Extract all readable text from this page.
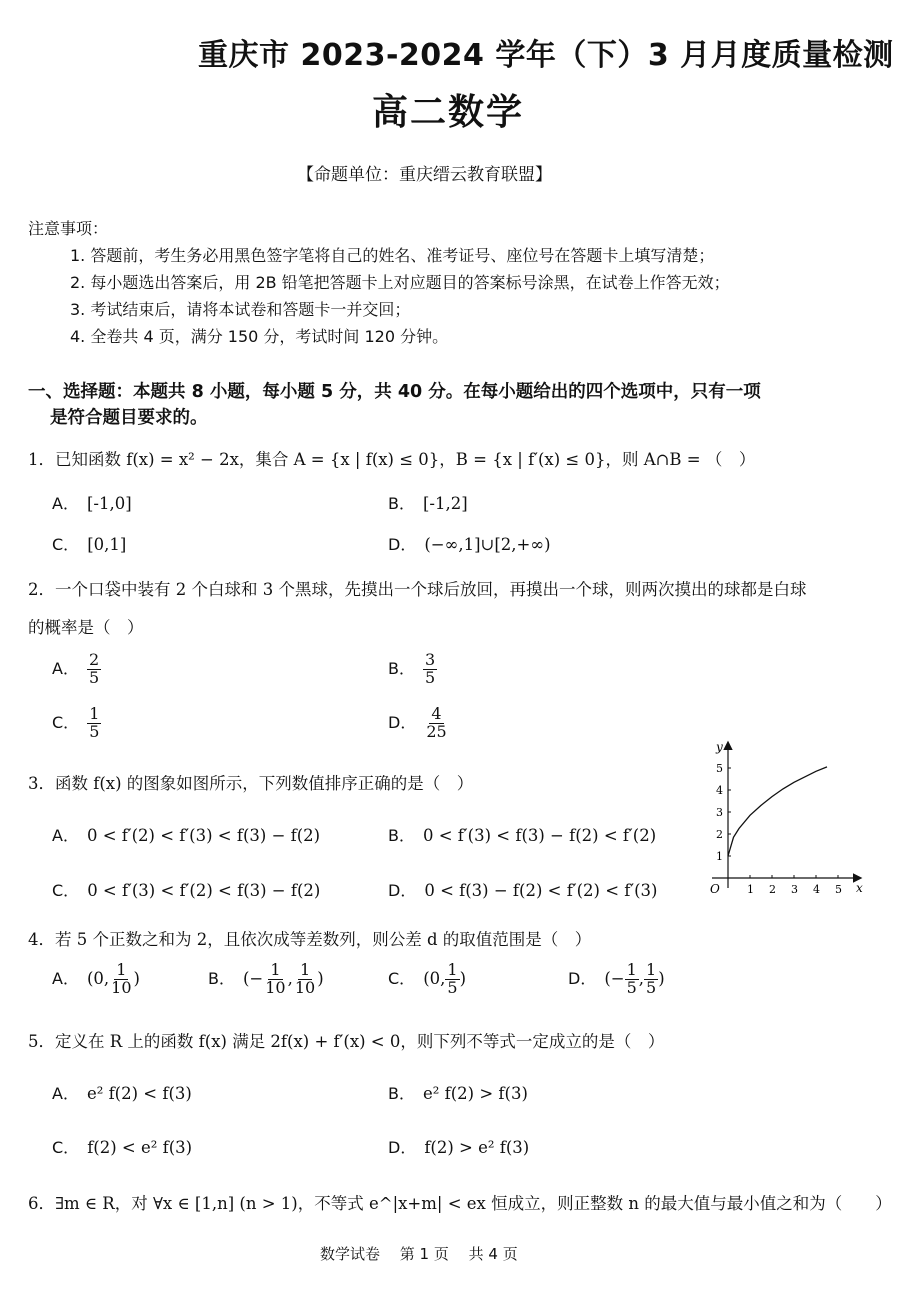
重庆市 2023-2024 学年（下）3 月月度质量检测
高二数学
【命题单位：重庆缙云教育联盟】
注意事项：
1. 答题前，考生务必用黑色签字笔将自己的姓名、准考证号、座位号在答题卡上填写清楚；
2. 每小题选出答案后，用 2B 铅笔把答题卡上对应题目的答案标号涂黑，在试卷上作答无效；
3. 考试结束后，请将本试卷和答题卡一并交回；
4. 全卷共 4 页，满分 150 分，考试时间 120 分钟。
一、选择题：本题共 8 小题，每小题 5 分，共 40 分。在每小题给出的四个选项中，只有一项
是符合题目要求的。
1．已知函数 f(x) = x² − 2x，集合 A = {x | f(x) ≤ 0}，B = {x | f′(x) ≤ 0}，则 A∩B = （　）
A． [-1,0]	B． [-1,2]
C． [0,1]	D． (−∞,1]∪[2,+∞)
2．一个口袋中装有 2 个白球和 3 个黑球，先摸出一个球后放回，再摸出一个球，则两次摸出的球都是白球
的概率是（　）
A． $\frac{2}{5}$	B． $\frac{3}{5}$
C． $\frac{1}{5}$	D． $\frac{4}{25}$
3．函数 f(x) 的图象如图所示，下列数值排序正确的是（　）
A． 0 < f′(2) < f′(3) < f(3) − f(2)	B． 0 < f′(3) < f(3) − f(2) < f′(2)
C． 0 < f′(3) < f′(2) < f(3) − f(2)	D． 0 < f(3) − f(2) < f′(2) < f′(3)
y
x
O 1 2 3 4 5
1
2
3
4
5
4．若 5 个正数之和为 2，且依次成等差数列，则公差 d 的取值范围是（　）
A． (0, $\frac{1}{10}$ )	B． (− $\frac{1}{10}$ , $\frac{1}{10}$ )	C． (0, $\frac{1}{5}$ )	D． (− $\frac{1}{5}$ , $\frac{1}{5}$ )
5．定义在 R 上的函数 f(x) 满足 2f(x) + f′(x) < 0，则下列不等式一定成立的是（　）
A． e² f(2) < f(3)	B． e² f(2) > f(3)
C． f(2) < e² f(3)	D． f(2) > e² f(3)
6．∃m ∈ R，对 ∀x ∈ [1,n] (n > 1)，不等式 e^|x+m| < ex 恒成立，则正整数 n 的最大值与最小值之和为（　　）
数学试卷　 第 1 页　 共 4 页
